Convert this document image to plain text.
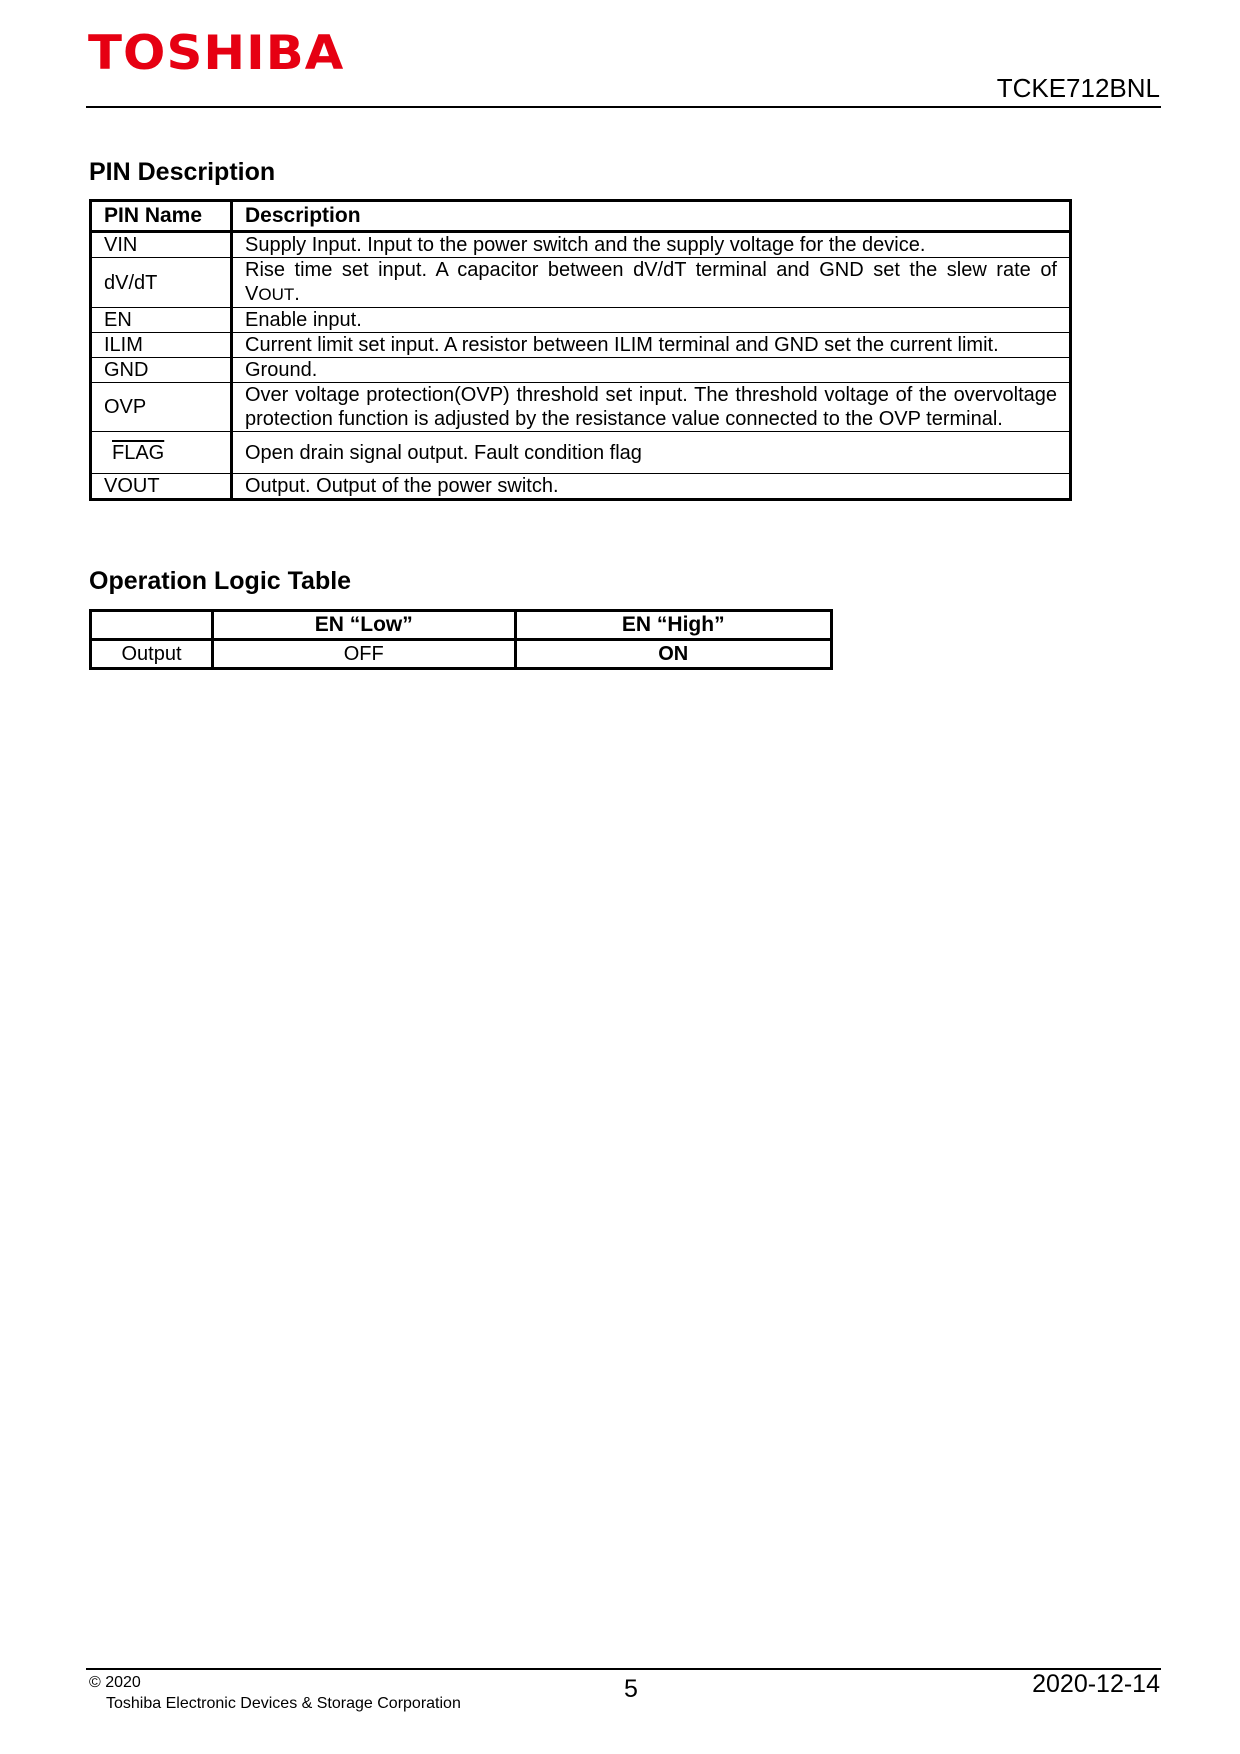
TOSHIBA

TCKE712BNL

PIN Description
PIN Name	Description
VIN	Supply Input. Input to the power switch and the supply voltage for the device.
dV/dT	Rise time set input. A capacitor between dV/dT terminal and GND set the slew rate of VOUT.
EN	Enable input.
ILIM	Current limit set input. A resistor between ILIM terminal and GND set the current limit.
GND	Ground.
OVP	Over voltage protection(OVP) threshold set input. The threshold voltage of the overvoltage protection function is adjusted by the resistance value connected to the OVP terminal.
FLAG	Open drain signal output. Fault condition flag
VOUT	Output. Output of the power switch.
Operation Logic Table
	EN “Low”	EN “High”
Output	OFF	ON

© 2020

Toshiba Electronic Devices & Storage Corporation

5	2020-12-14
